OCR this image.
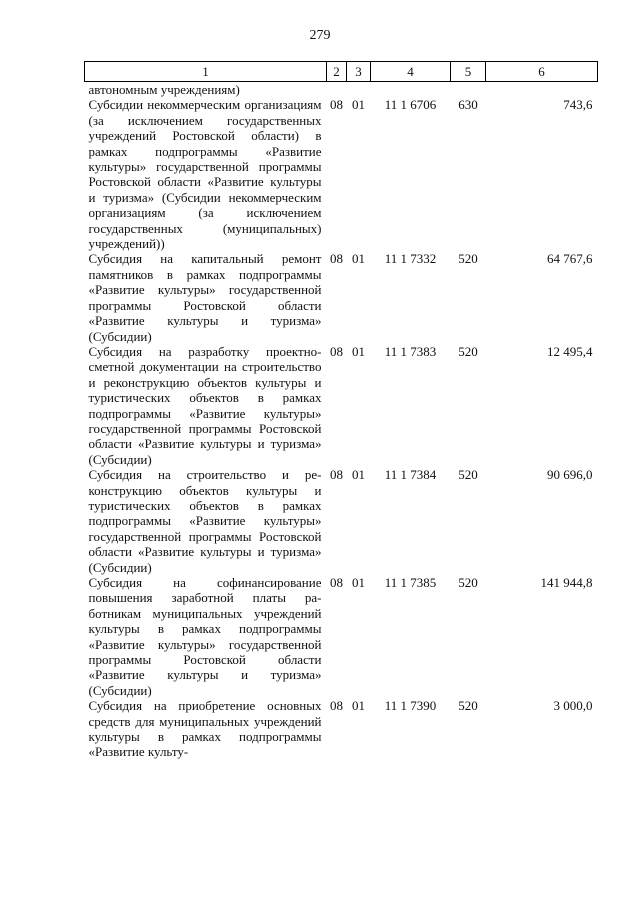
279
1	2	3	4	5	6
автономным учреждениям)					
Субсидии некоммерческим организациям (за исключением государственных учреждений Ростовской области) в рамках подпрограммы «Развитие культуры» государственной программы Ростовской области «Развитие культуры и туризма» (Субсидии некоммерческим организациям (за исключением государственных (муниципальных) учреждений))	08	01	11 1 6706	630	743,6
Субсидия на капитальный ремонт памятников в рамках подпрограммы «Развитие культуры» государственной программы Ростовской области «Развитие культуры и туризма» (Субсидии)	08	01	11 1 7332	520	64 767,6
Субсидия на разработку проектно-сметной документации на строительство и реконструкцию объектов культуры и туристических объектов в рамках подпрограммы «Развитие культуры» государственной программы Ростовской области «Развитие культуры и туризма» (Субсидии)	08	01	11 1 7383	520	12 495,4
Субсидия на строительство и реконструкцию объектов культуры и туристических объектов в рамках подпрограммы «Развитие культуры» государственной программы Ростовской области «Развитие культуры и туризма» (Субсидии)	08	01	11 1 7384	520	90 696,0
Субсидия на софинансирование повышения заработной платы работникам муниципальных учреждений культуры в рамках подпрограммы «Развитие культуры» государственной программы Ростовской области «Развитие культуры и туризма» (Субсидии)	08	01	11 1 7385	520	141 944,8
Субсидия на приобретение основных средств для муниципальных учреждений культуры в рамках подпрограммы «Развитие культу-	08	01	11 1 7390	520	3 000,0
